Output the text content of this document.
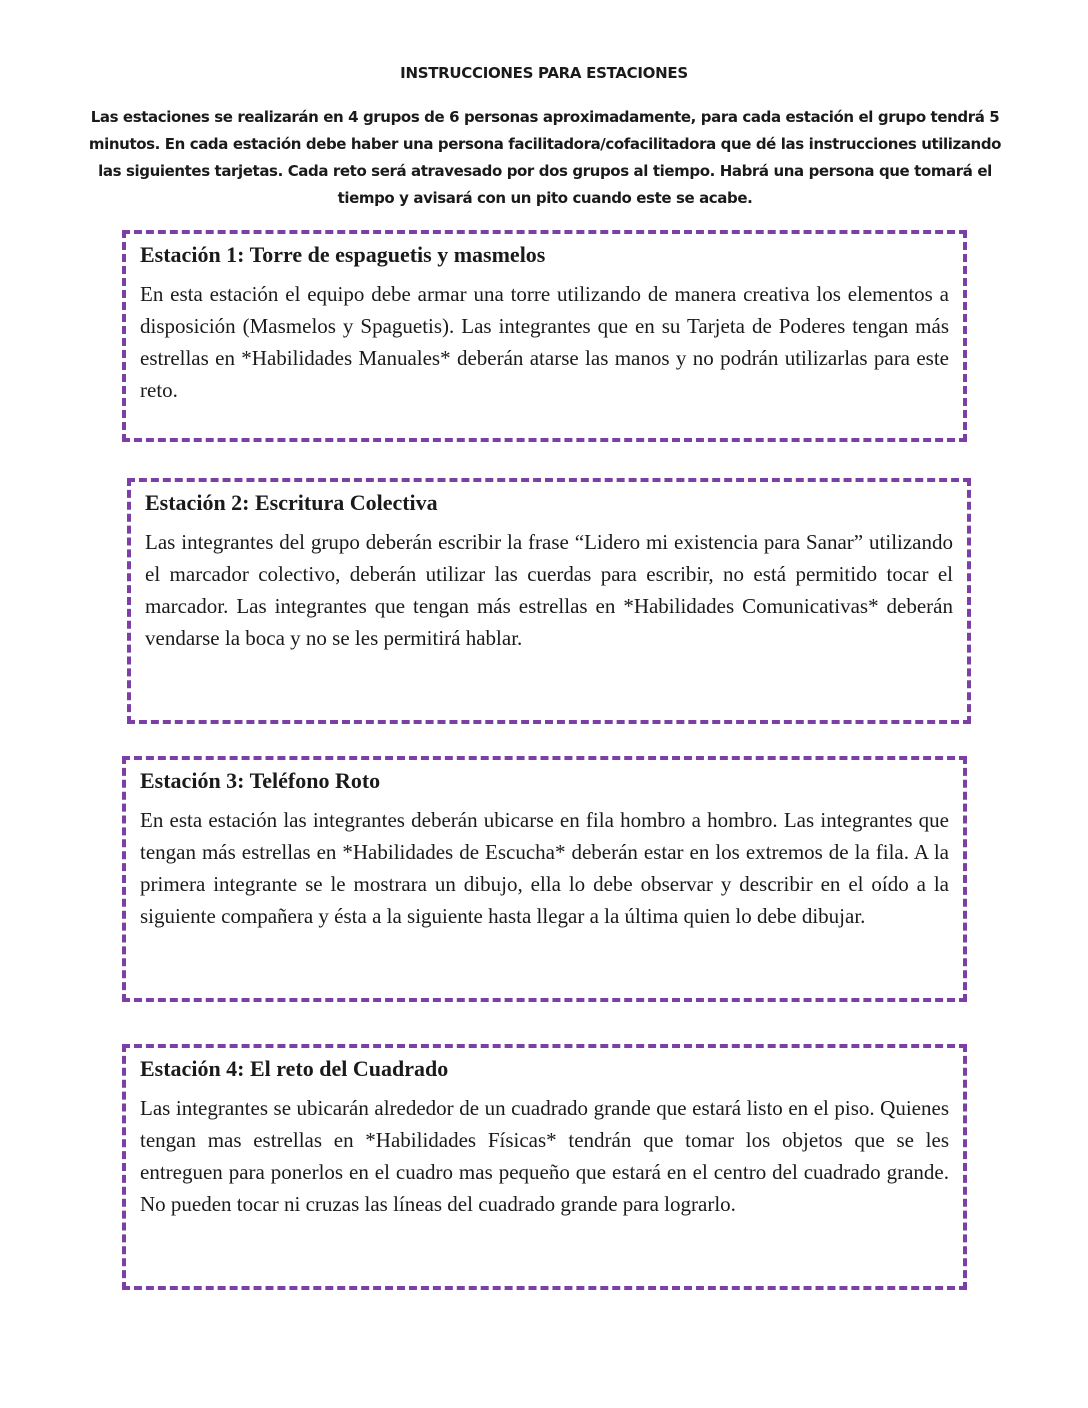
INSTRUCCIONES PARA ESTACIONES
Las estaciones se realizarán en 4 grupos de 6 personas aproximadamente, para cada estación el grupo tendrá 5 minutos. En cada estación debe haber una persona facilitadora/cofacilitadora que dé las instrucciones utilizando las siguientes tarjetas. Cada reto será atravesado por dos grupos al tiempo. Habrá una persona que tomará el tiempo y avisará con un pito cuando este se acabe.
Estación 1: Torre de espaguetis y masmelos

En esta estación el equipo debe armar una torre utilizando de manera creativa los elementos a disposición (Masmelos y Spaguetis). Las integrantes que en su Tarjeta de Poderes tengan más estrellas en *Habilidades Manuales* deberán atarse las manos y no podrán utilizarlas para este reto.

Estación 2: Escritura Colectiva

Las integrantes del grupo deberán escribir la frase “Lidero mi existencia para Sanar” utilizando el marcador colectivo, deberán utilizar las cuerdas para escribir, no está permitido tocar el marcador. Las integrantes que tengan más estrellas en *Habilidades Comunicativas* deberán vendarse la boca y no se les permitirá hablar.

Estación 3: Teléfono Roto

En esta estación las integrantes deberán ubicarse en fila hombro a hombro. Las integrantes que tengan más estrellas en *Habilidades de Escucha* deberán estar en los extremos de la fila. A la primera integrante se le mostrara un dibujo, ella lo debe observar y describir en el oído a la siguiente compañera y ésta a la siguiente hasta llegar a la última quien lo debe dibujar.

Estación 4: El reto del Cuadrado

Las integrantes se ubicarán alrededor de un cuadrado grande que estará listo en el piso. Quienes tengan mas estrellas en *Habilidades Físicas* tendrán que tomar los objetos que se les entreguen para ponerlos en el cuadro mas pequeño que estará en el centro del cuadrado grande. No pueden tocar ni cruzas las líneas del cuadrado grande para lograrlo.
